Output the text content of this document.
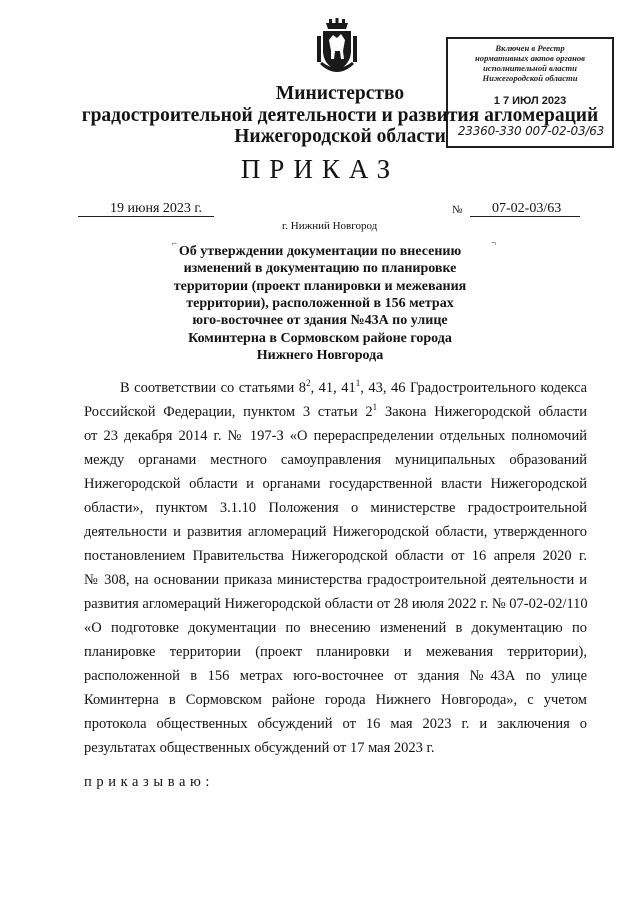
Включен в Реестр
нормативных актов органов
исполнительной власти
Нижегородской области
1 7 ИЮЛ 2023
23360-330 007-02-03/63
Министерство
градостроительной деятельности и развития агломераций
Нижегородской области
ПРИКАЗ
19 июня 2023 г.	№ 07-02-03/63
г. Нижний Новгород
⌐	¬
Об утверждении документации по внесению
изменений в документацию по планировке
территории (проект планировки и межевания
территории), расположенной в 156 метрах
юго-восточнее от здания №43А по улице
Коминтерна в Сормовском районе города
Нижнего Новгорода
В соответствии со статьями $8^2$, 41, $41^1$, 43, 46 Градостроительного кодекса
Российской Федерации, пунктом 3 статьи $2^1$ Закона Нижегородской области
от 23 декабря 2014 г. № 197-З «О перераспределении отдельных полномочий
между органами местного самоуправления муниципальных образований
Нижегородской области и органами государственной власти Нижегородской
области», пунктом 3.1.10 Положения о министерстве градостроительной
деятельности и развития агломераций Нижегородской области, утвержденного
постановлением Правительства Нижегородской области от 16 апреля 2020 г.
№ 308, на основании приказа министерства градостроительной деятельности и
развития агломераций Нижегородской области от 28 июля 2022 г. № 07-02-02/110
«О подготовке документации по внесению изменений в документацию по
планировке территории (проект планировки и межевания территории),
расположенной в 156 метрах юго-восточнее от здания №43А по улице
Коминтерна в Сормовском районе города Нижнего Новгорода», с учетом
протокола общественных обсуждений от 16 мая 2023 г. и заключения о
результатах общественных обсуждений от 17 мая 2023 г.
приказываю:
